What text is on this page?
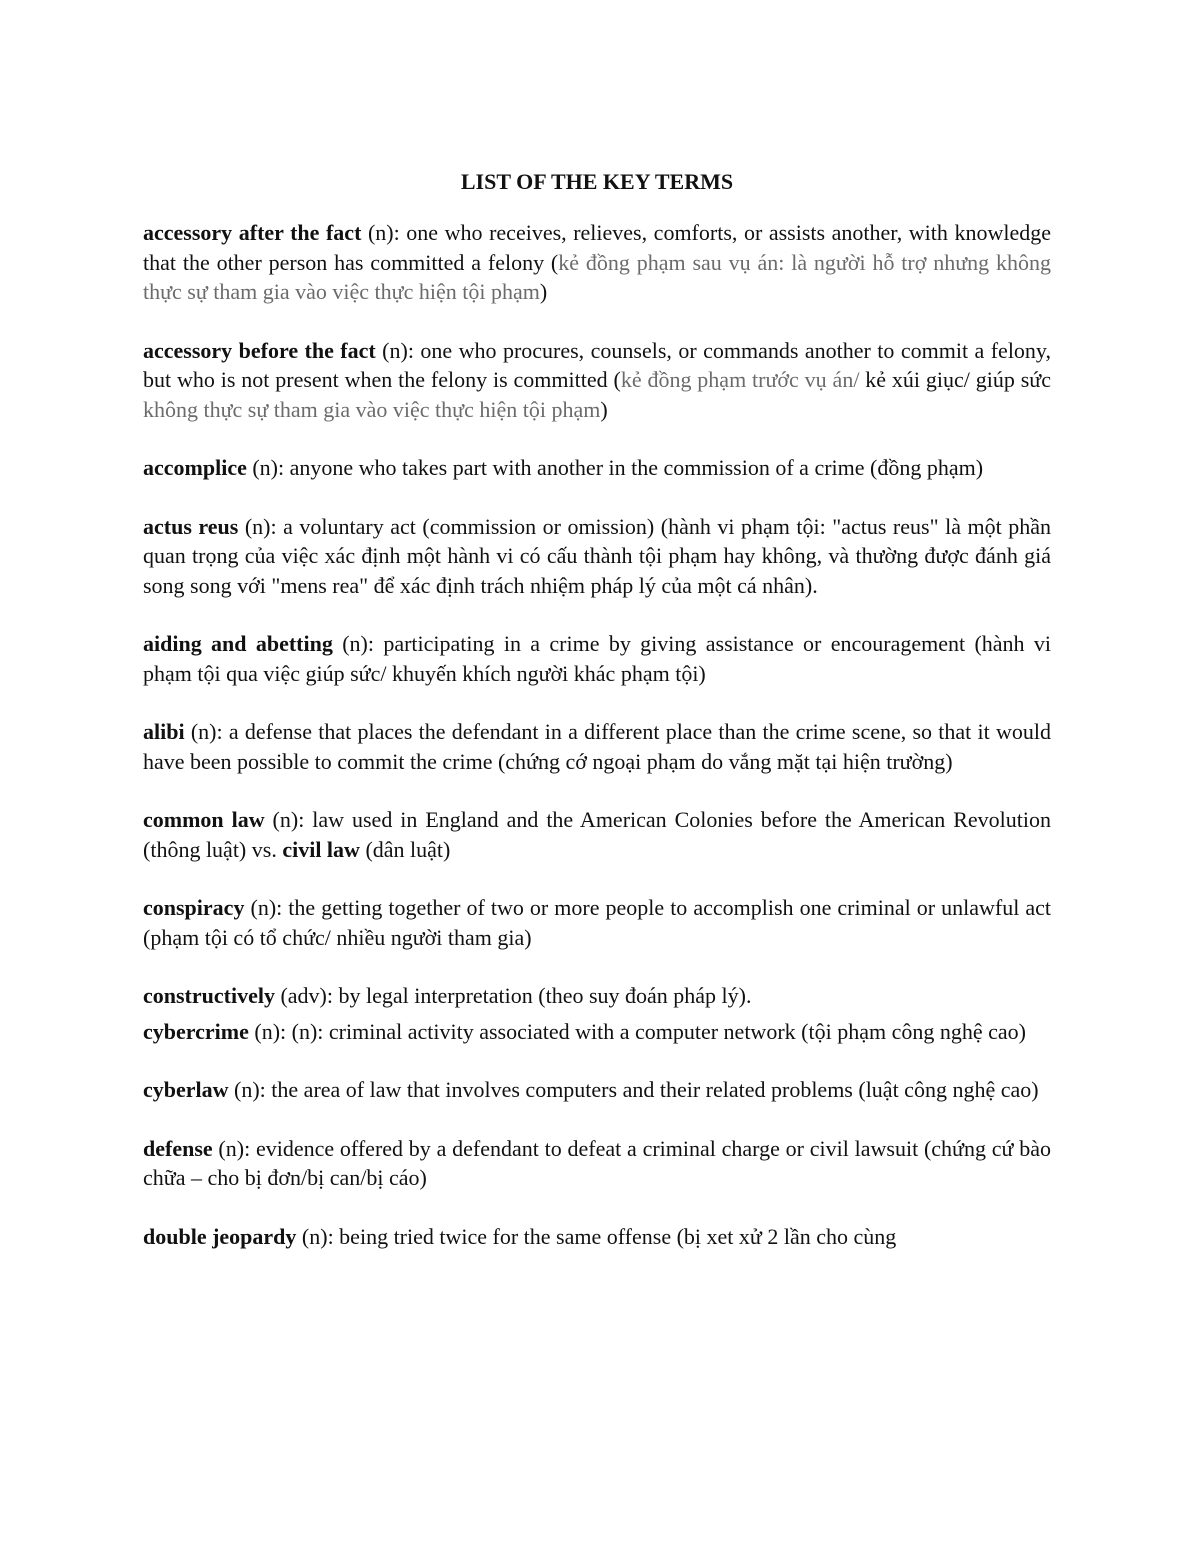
LIST OF THE KEY TERMS

accessory after the fact (n): one who receives, relieves, comforts, or assists another, with knowledge that the other person has committed a felony (kẻ đồng phạm sau vụ án: là người hỗ trợ nhưng không thực sự tham gia vào việc thực hiện tội phạm)

accessory before the fact (n): one who procures, counsels, or commands another to commit a felony, but who is not present when the felony is committed (kẻ đồng phạm trước vụ án/ kẻ xúi giục/ giúp sức không thực sự tham gia vào việc thực hiện tội phạm)

accomplice (n): anyone who takes part with another in the commission of a crime (đồng phạm)

actus reus (n): a voluntary act (commission or omission) (hành vi phạm tội: "actus reus" là một phần quan trọng của việc xác định một hành vi có cấu thành tội phạm hay không, và thường được đánh giá song song với "mens rea" để xác định trách nhiệm pháp lý của một cá nhân).

aiding and abetting (n): participating in a crime by giving assistance or encouragement (hành vi phạm tội qua việc giúp sức/ khuyến khích người khác phạm tội)

alibi (n): a defense that places the defendant in a different place than the crime scene, so that it would have been possible to commit the crime (chứng cớ ngoại phạm do vắng mặt tại hiện trường)

common law (n): law used in England and the American Colonies before the American Revolution (thông luật) vs. civil law (dân luật)

conspiracy (n): the getting together of two or more people to accomplish one criminal or unlawful act (phạm tội có tổ chức/ nhiều người tham gia)

constructively (adv): by legal interpretation (theo suy đoán pháp lý).

cybercrime (n): (n): criminal activity associated with a computer network (tội phạm công nghệ cao)

cyberlaw (n): the area of law that involves computers and their related problems (luật công nghệ cao)

defense (n): evidence offered by a defendant to defeat a criminal charge or civil lawsuit (chứng cứ bào chữa – cho bị đơn/bị can/bị cáo)

double jeopardy (n): being tried twice for the same offense (bị xet xử 2 lần cho cùng
